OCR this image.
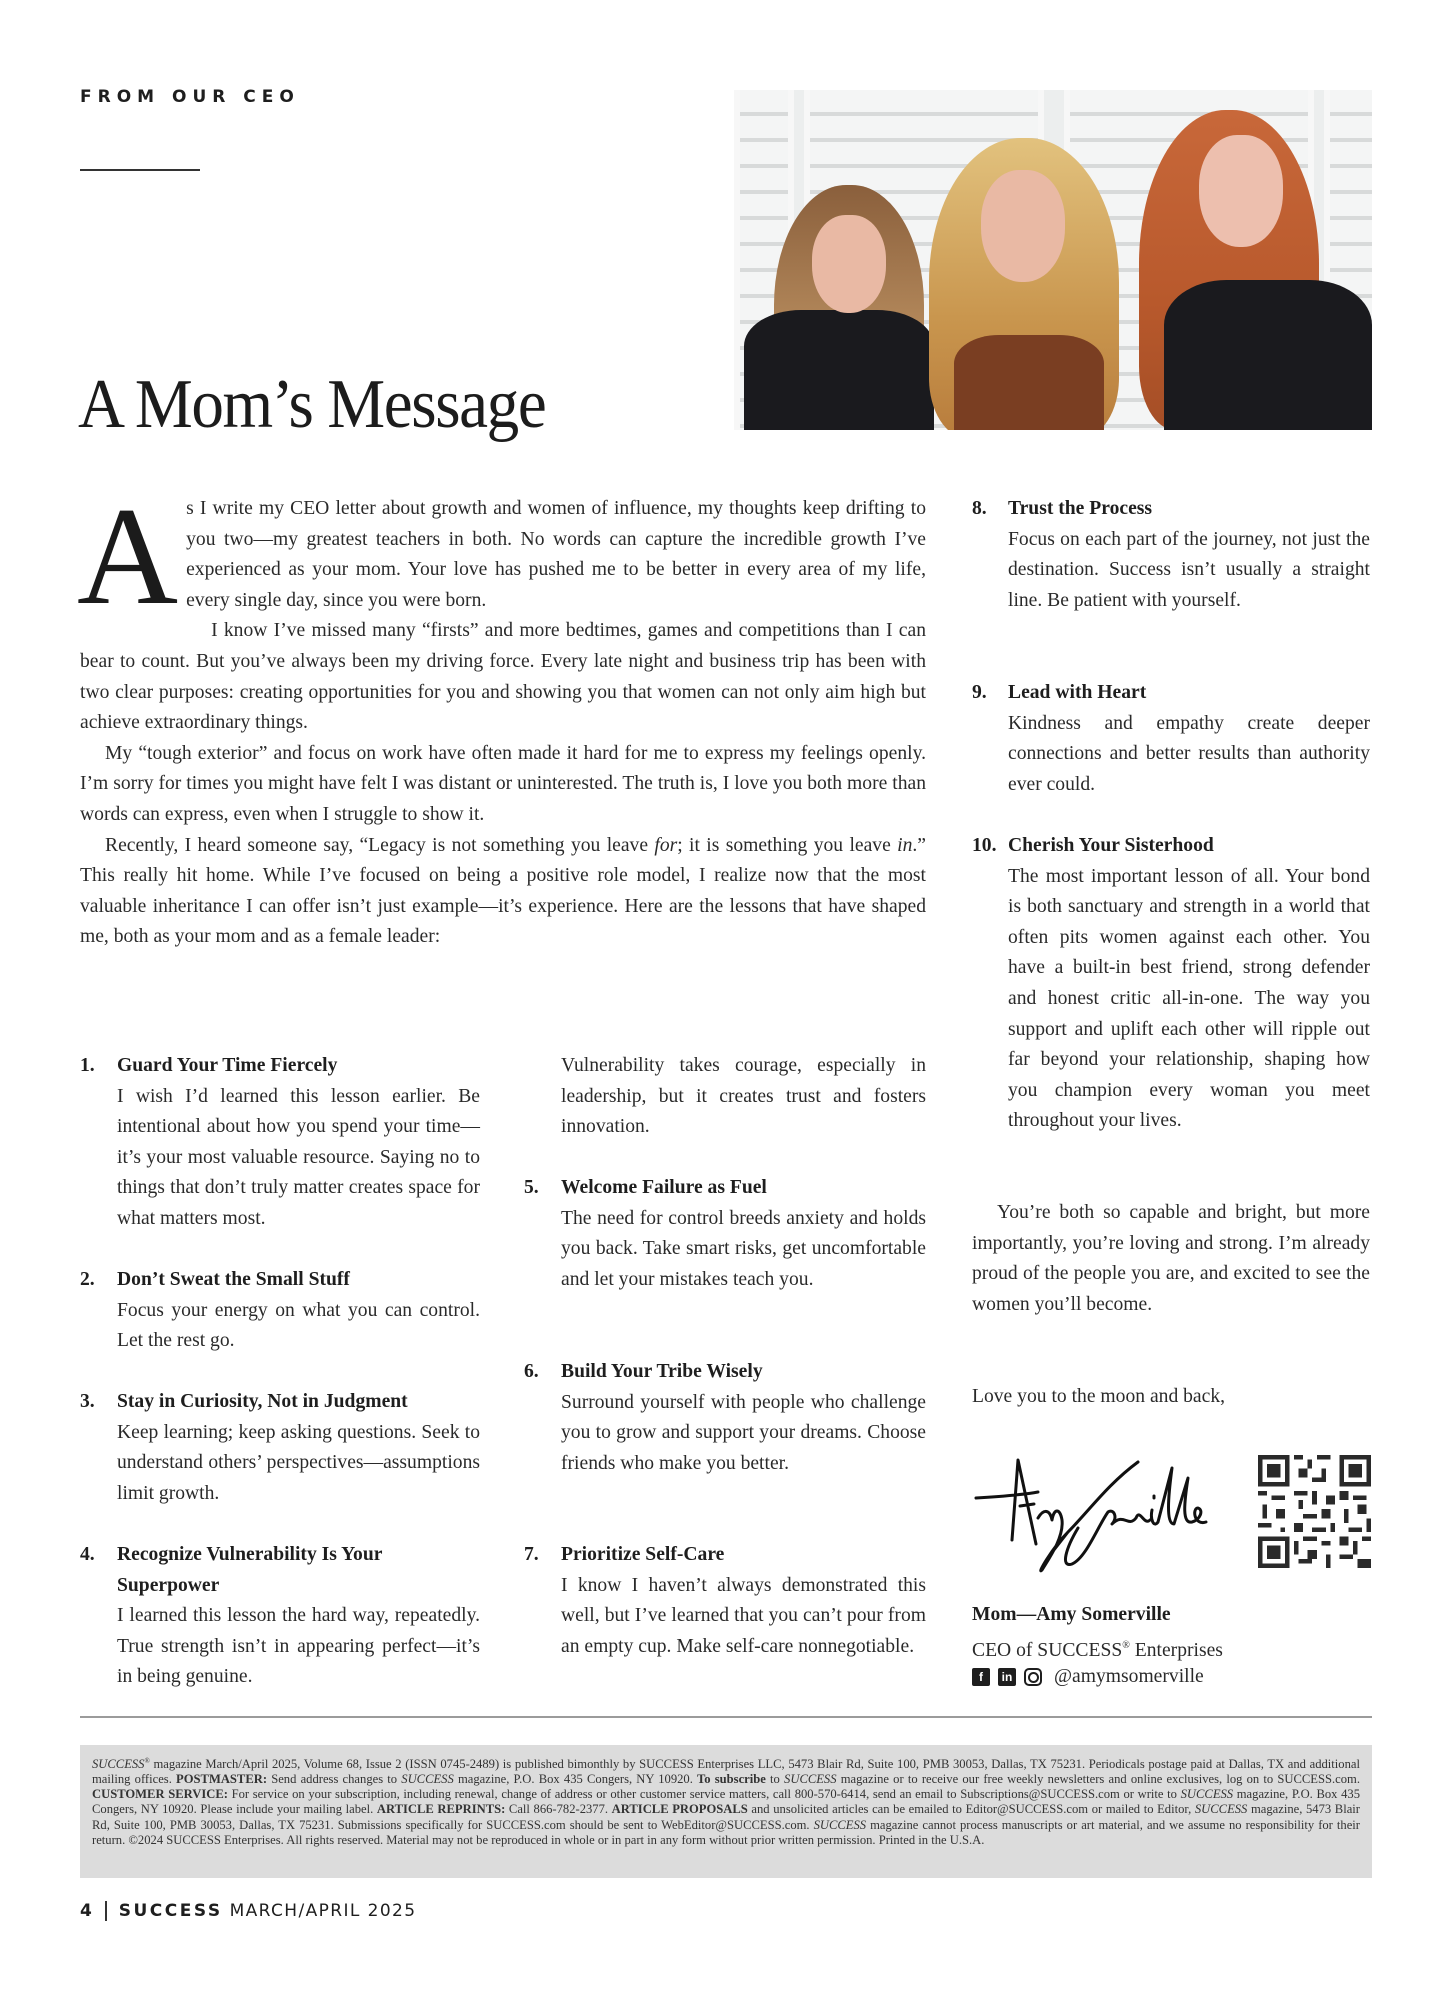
FROM OUR CEO
A Mom’s Message

As I write my CEO letter about growth and women of influence, my thoughts keep drifting to you two—my greatest teachers in both. No words can capture the incredible growth I’ve experienced as your mom. Your love has pushed me to be better in every area of my life, every single day, since you were born.

I know I’ve missed many “firsts” and more bedtimes, games and competitions than I can bear to count. But you’ve always been my driving force. Every late night and business trip has been with two clear purposes: creating opportunities for you and showing you that women can not only aim high but achieve extraordinary things.

My “tough exterior” and focus on work have often made it hard for me to express my feelings openly. I’m sorry for times you might have felt I was distant or uninterested. The truth is, I love you both more than words can express, even when I struggle to show it.

Recently, I heard someone say, “Legacy is not something you leave for; it is something you leave in.” This really hit home. While I’ve focused on being a positive role model, I realize now that the most valuable inheritance I can offer isn’t just example—it’s experience. Here are the lessons that have shaped me, both as your mom and as a female leader:

1. Guard Your Time Fiercely
I wish I’d learned this lesson earlier. Be intentional about how you spend your time—it’s your most valuable resource. Saying no to things that don’t truly matter creates space for what matters most.
2. Don’t Sweat the Small Stuff
Focus your energy on what you can control. Let the rest go.
3. Stay in Curiosity, Not in Judgment
Keep learning; keep asking questions. Seek to understand others’ perspectives—assumptions limit growth.
4. Recognize Vulnerability Is Your Superpower
I learned this lesson the hard way, repeatedly. True strength isn’t in appearing perfect—it’s in being genuine.
Vulnerability takes courage, especially in leadership, but it creates trust and fosters innovation.
5. Welcome Failure as Fuel
The need for control breeds anxiety and holds you back. Take smart risks, get uncomfortable and let your mistakes teach you.
6. Build Your Tribe Wisely
Surround yourself with people who challenge you to grow and support your dreams. Choose friends who make you better.
7. Prioritize Self-Care
I know I haven’t always demonstrated this well, but I’ve learned that you can’t pour from an empty cup. Make self-care nonnegotiable.
8. Trust the Process
Focus on each part of the journey, not just the destination. Success isn’t usually a straight line. Be patient with yourself.
9. Lead with Heart
Kindness and empathy create deeper connections and better results than authority ever could.
10. Cherish Your Sisterhood
The most important lesson of all. Your bond is both sanctuary and strength in a world that often pits women against each other. You have a built-in best friend, strong defender and honest critic all-in-one. The way you support and uplift each other will ripple out far beyond your relationship, shaping how you champion every woman you meet throughout your lives.
You’re both so capable and bright, but more importantly, you’re loving and strong. I’m already proud of the people you are, and excited to see the women you’ll become.
Love you to the moon and back,
Mom—Amy Somerville
CEO of SUCCESS® Enterprises
f	in @amymsomerville
SUCCESS® magazine March/April 2025, Volume 68, Issue 2 (ISSN 0745-2489) is published bimonthly by SUCCESS Enterprises LLC, 5473 Blair Rd, Suite 100, PMB 30053, Dallas, TX 75231. Periodicals postage paid at Dallas, TX and additional mailing offices. POSTMASTER: Send address changes to SUCCESS magazine, P.O. Box 435 Congers, NY 10920. To subscribe to SUCCESS magazine or to receive our free weekly newsletters and online exclusives, log on to SUCCESS.com. CUSTOMER SERVICE: For service on your subscription, including renewal, change of address or other customer service matters, call 800-570-6414, send an email to Subscriptions@SUCCESS.com or write to SUCCESS magazine, P.O. Box 435 Congers, NY 10920. Please include your mailing label. ARTICLE REPRINTS: Call 866-782-2377. ARTICLE PROPOSALS and unsolicited articles can be emailed to Editor@SUCCESS.com or mailed to Editor, SUCCESS magazine, 5473 Blair Rd, Suite 100, PMB 30053, Dallas, TX 75231. Submissions specifically for SUCCESS.com should be sent to WebEditor@SUCCESS.com. SUCCESS magazine cannot process manuscripts or art material, and we assume no responsibility for their return. ©2024 SUCCESS Enterprises. All rights reserved. Material may not be reproduced in whole or in part in any form without prior written permission. Printed in the U.S.A.
4 SUCCESS MARCH/APRIL 2025
